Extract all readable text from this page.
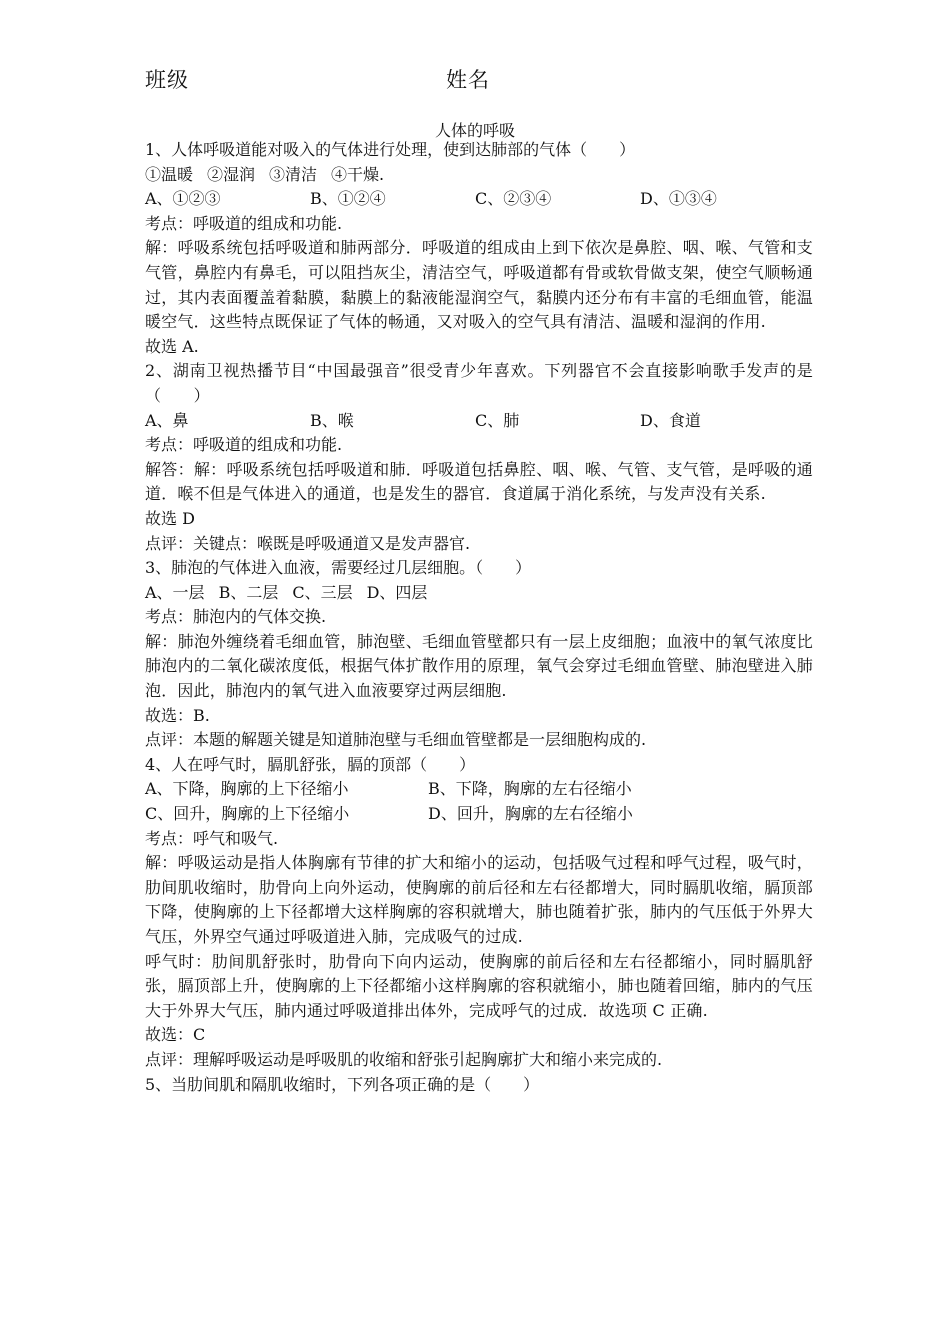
班级	姓名
人体的呼吸
1、人体呼吸道能对吸入的气体进行处理，使到达肺部的气体（　　）
①温暖 ②湿润 ③清洁 ④干燥.
A、①②③	B、①②④	C、②③④	D、①③④
考点：呼吸道的组成和功能.
解：呼吸系统包括呼吸道和肺两部分．呼吸道的组成由上到下依次是鼻腔、咽、喉、气管和支气管，鼻腔内有鼻毛，可以阻挡灰尘，清洁空气，呼吸道都有骨或软骨做支架，使空气顺畅通过，其内表面覆盖着黏膜，黏膜上的黏液能湿润空气，黏膜内还分布有丰富的毛细血管，能温暖空气．这些特点既保证了气体的畅通，又对吸入的空气具有清洁、温暖和湿润的作用.
故选 A.
2、湖南卫视热播节目“中国最强音”很受青少年喜欢。下列器官不会直接影响歌手发声的是（　　）
A、鼻	B、喉	C、肺	D、食道
考点：呼吸道的组成和功能.
解答：解：呼吸系统包括呼吸道和肺．呼吸道包括鼻腔、咽、喉、气管、支气管，是呼吸的通道．喉不但是气体进入的通道，也是发生的器官．食道属于消化系统，与发声没有关系.
故选 D
点评：关键点：喉既是呼吸通道又是发声器官.
3、肺泡的气体进入血液，需要经过几层细胞。（　　）
A、一层 B、二层 C、三层 D、四层
考点：肺泡内的气体交换.
解：肺泡外缠绕着毛细血管，肺泡壁、毛细血管壁都只有一层上皮细胞；血液中的氧气浓度比肺泡内的二氧化碳浓度低，根据气体扩散作用的原理，氧气会穿过毛细血管壁、肺泡壁进入肺泡．因此，肺泡内的氧气进入血液要穿过两层细胞.
故选：B.
点评：本题的解题关键是知道肺泡壁与毛细血管壁都是一层细胞构成的.
4、人在呼气时，膈肌舒张，膈的顶部（　　）
A、下降，胸廓的上下径缩小	B、下降，胸廓的左右径缩小
C、回升，胸廓的上下径缩小	D、回升，胸廓的左右径缩小
考点：呼气和吸气.
解：呼吸运动是指人体胸廓有节律的扩大和缩小的运动，包括吸气过程和呼气过程，吸气时，肋间肌收缩时，肋骨向上向外运动，使胸廓的前后径和左右径都增大，同时膈肌收缩，膈顶部下降，使胸廓的上下径都增大这样胸廓的容积就增大，肺也随着扩张，肺内的气压低于外界大气压，外界空气通过呼吸道进入肺，完成吸气的过成.
呼气时：肋间肌舒张时，肋骨向下向内运动，使胸廓的前后径和左右径都缩小，同时膈肌舒张，膈顶部上升，使胸廓的上下径都缩小这样胸廓的容积就缩小，肺也随着回缩，肺内的气压大于外界大气压，肺内通过呼吸道排出体外，完成呼气的过成．故选项 C 正确.
故选：C
点评：理解呼吸运动是呼吸肌的收缩和舒张引起胸廓扩大和缩小来完成的.
5、当肋间肌和隔肌收缩时，下列各项正确的是（　　）
